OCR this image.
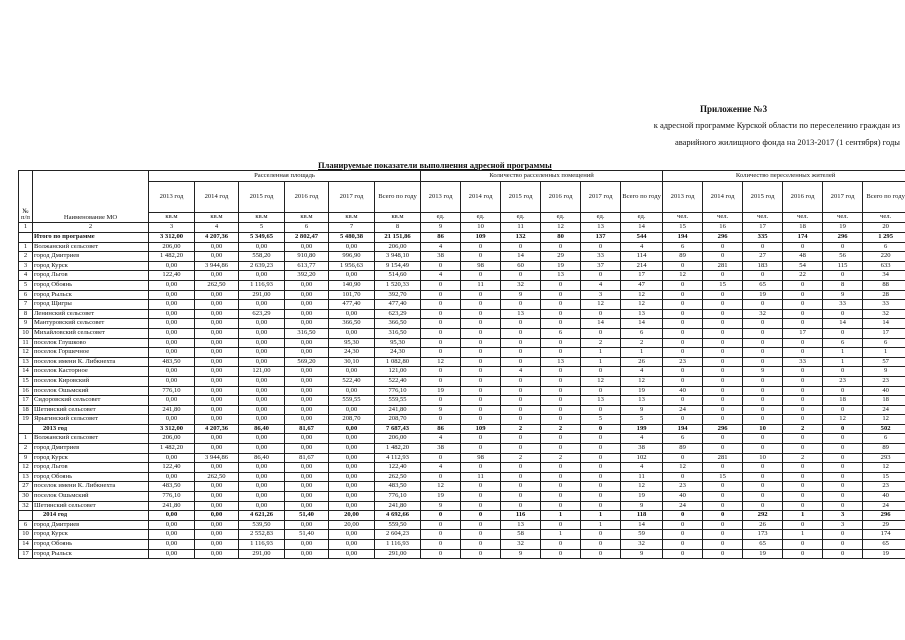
Приложение №3
к адресной программе Курской области по переселению граждан из
аварийного жилищного фонда на 2013-2017 (1 сентября) годы
Планируемые показатели выполнения адресной программы
№ п/п	Наименование МО	Расселенная площадь						Количество расселенных помещений						Количество переселенных жителей					
		2013 год	2014 год	2015 год	2016 год	2017 год	Всего по году	2013 год	2014 год	2015 год	2016 год	2017 год	Всего по году	2013 год	2014 год	2015 год	2016 год	2017 год	Всего по году
		кв.м	кв.м	кв.м	кв.м	кв.м	кв.м	ед.	ед.	ед.	ед.	ед.	ед.	чел.	чел.	чел.	чел.	чел.	чел.
1	2	3	4	5	6	7	8	9	10	11	12	13	14	15	16	17	18	19	20
	Итого по программе	3 312,00	4 207,36	5 349,65	2 802,47	5 480,38	21 151,86	86	109	132	80	137	544	194	296	335	174	296	1 295
1	Волжанский сельсовет	206,00	0,00	0,00	0,00	0,00	206,00	4	0	0	0	0	4	6	0	0	0	0	6
2	город Дмитриев	1 482,20	0,00	558,20	910,80	996,90	3 948,10	38	0	14	29	33	114	89	0	27	48	56	220
3	город Курск	0,00	3 944,86	2 639,23	613,77	1 956,63	9 154,49	0	98	60	19	37	214	0	281	183	54	115	633
4	город Льгов	122,40	0,00	0,00	392,20	0,00	514,60	4	0	0	13	0	17	12	0	0	22	0	34
5	город Обоянь	0,00	262,50	1 116,93	0,00	140,90	1 520,33	0	11	32	0	4	47	0	15	65	0	8	88
6	город Рыльск	0,00	0,00	291,00	0,00	101,70	392,70	0	0	9	0	3	12	0	0	19	0	9	28
7	город Щигры	0,00	0,00	0,00	0,00	477,40	477,40	0	0	0	0	12	12	0	0	0	0	33	33
8	Ленинский сельсовет	0,00	0,00	623,29	0,00	0,00	623,29	0	0	13	0	0	13	0	0	32	0	0	32
9	Мантуровский сельсовет	0,00	0,00	0,00	0,00	366,50	366,50	0	0	0	0	14	14	0	0	0	0	14	14
10	Михайловский сельсовет	0,00	0,00	0,00	316,50	0,00	316,50	0	0	0	6	0	6	0	0	0	17	0	17
11	поселок Глушково	0,00	0,00	0,00	0,00	95,30	95,30	0	0	0	0	2	2	0	0	0	0	6	6
12	поселок Горшечное	0,00	0,00	0,00	0,00	24,30	24,30	0	0	0	0	1	1	0	0	0	0	1	1
13	поселок имени К. Либкнехта	483,50	0,00	0,00	569,20	30,10	1 082,80	12	0	0	13	1	26	23	0	0	33	1	57
14	поселок Касторное	0,00	0,00	121,00	0,00	0,00	121,00	0	0	4	0	0	4	0	0	9	0	0	9
15	поселок Кировский	0,00	0,00	0,00	0,00	522,40	522,40	0	0	0	0	12	12	0	0	0	0	23	23
16	поселок Ошьмский	776,10	0,00	0,00	0,00	0,00	776,10	19	0	0	0	0	19	40	0	0	0	0	40
17	Сидоровский сельсовет	0,00	0,00	0,00	0,00	559,55	559,55	0	0	0	0	13	13	0	0	0	0	18	18
18	Шетинский сельсовет	241,80	0,00	0,00	0,00	0,00	241,80	9	0	0	0	0	9	24	0	0	0	0	24
19	Ярыгинский сельсовет	0,00	0,00	0,00	0,00	208,70	208,70	0	0	0	0	5	5	0	0	0	0	12	12
	2013 год	3 312,00	4 207,36	86,40	81,67	0,00	7 687,43	86	109	2	2	0	199	194	296	10	2	0	502
1	Волжанский сельсовет	206,00	0,00	0,00	0,00	0,00	206,00	4	0	0	0	0	4	6	0	0	0	0	6
2	город Дмитриев	1 482,20	0,00	0,00	0,00	0,00	1 482,20	38	0	0	0	0	38	89	0	0	0	0	89
9	город Курск	0,00	3 944,86	86,40	81,67	0,00	4 112,93	0	98	2	2	0	102	0	281	10	2	0	293
12	город Льгов	122,40	0,00	0,00	0,00	0,00	122,40	4	0	0	0	0	4	12	0	0	0	0	12
13	город Обоянь	0,00	262,50	0,00	0,00	0,00	262,50	0	11	0	0	0	11	0	15	0	0	0	15
27	поселок имени К. Либкнехта	483,50	0,00	0,00	0,00	0,00	483,50	12	0	0	0	0	12	23	0	0	0	0	23
30	поселок Ошьмский	776,10	0,00	0,00	0,00	0,00	776,10	19	0	0	0	0	19	40	0	0	0	0	40
32	Шетинский сельсовет	241,80	0,00	0,00	0,00	0,00	241,80	9	0	0	0	0	9	24	0	0	0	0	24
	2014 год	0,00	0,00	4 621,26	51,40	20,00	4 692,66	0	0	116	1	1	118	0	0	292	1	3	296
6	город Дмитриев	0,00	0,00	539,50	0,00	20,00	559,50	0	0	13	0	1	14	0	0	26	0	3	29
10	город Курск	0,00	0,00	2 552,83	51,40	0,00	2 604,23	0	0	58	1	0	59	0	0	173	1	0	174
14	город Обоянь	0,00	0,00	1 116,93	0,00	0,00	1 116,93	0	0	32	0	0	32	0	0	65	0	0	65
17	город Рыльск	0,00	0,00	291,00	0,00	0,00	291,00	0	0	9	0	0	9	0	0	19	0	0	19
